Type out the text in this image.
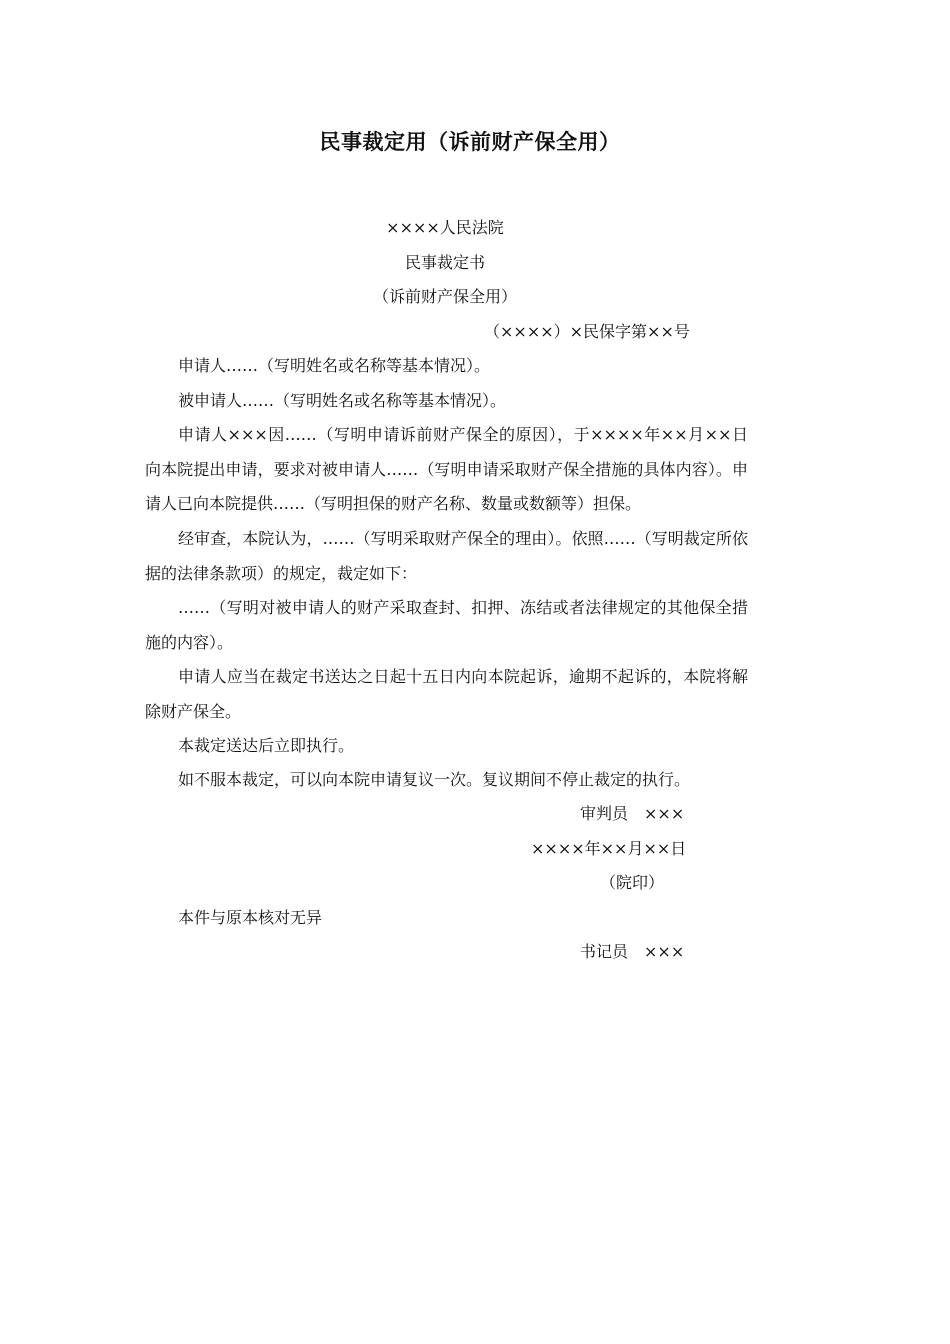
民事裁定用（诉前财产保全用）
××××人民法院
民事裁定书
（诉前财产保全用）
（××××）×民保字第××号
申请人……（写明姓名或名称等基本情况）。
被申请人……（写明姓名或名称等基本情况）。
申请人×××因……（写明申请诉前财产保全的原因），于××××年××月××日向本院提出申请，要求对被申请人……（写明申请采取财产保全措施的具体内容）。申请人已向本院提供……（写明担保的财产名称、数量或数额等）担保。
经审查，本院认为，……（写明采取财产保全的理由）。依照……（写明裁定所依据的法律条款项）的规定，裁定如下：
……（写明对被申请人的财产采取查封、扣押、冻结或者法律规定的其他保全措施的内容）。
申请人应当在裁定书送达之日起十五日内向本院起诉，逾期不起诉的，本院将解除财产保全。
本裁定送达后立即执行。
如不服本裁定，可以向本院申请复议一次。复议期间不停止裁定的执行。
审判员　×××
××××年××月××日
（院印）
本件与原本核对无异
书记员　×××
